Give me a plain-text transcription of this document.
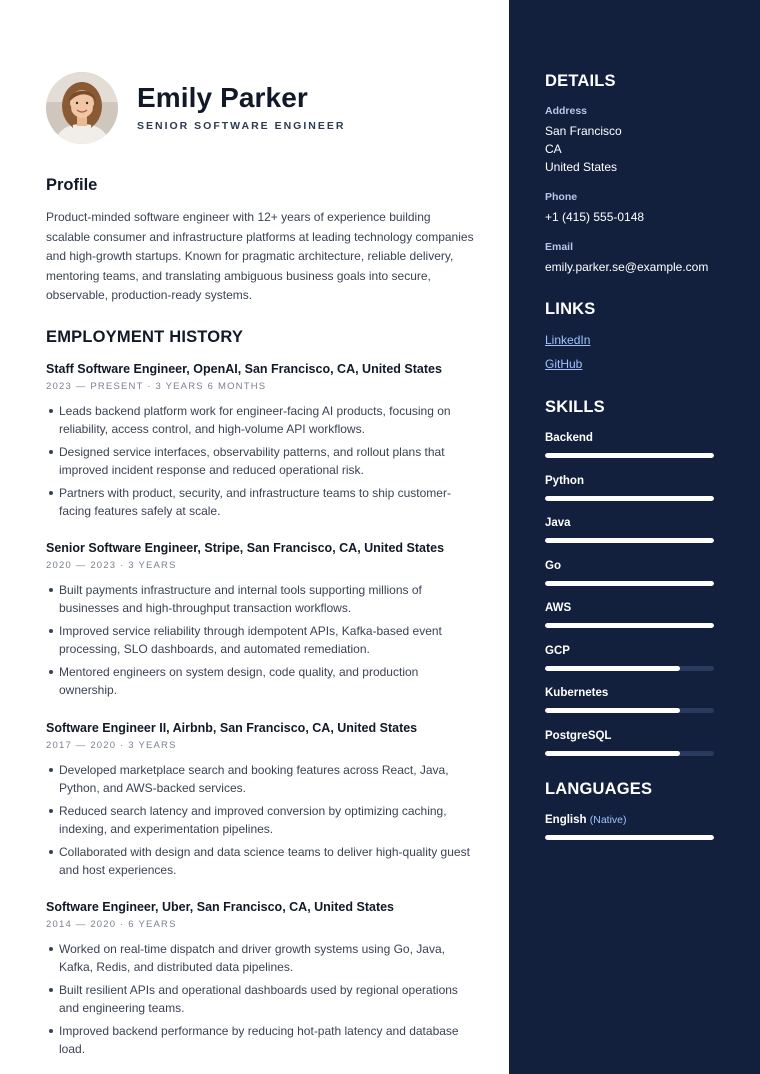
Emily Parker
SENIOR SOFTWARE ENGINEER
Profile
Product-minded software engineer with 12+ years of experience building scalable consumer and infrastructure platforms at leading technology companies and high-growth startups. Known for pragmatic architecture, reliable delivery, mentoring teams, and translating ambiguous business goals into secure, observable, production-ready systems.
EMPLOYMENT HISTORY
Staff Software Engineer, OpenAI, San Francisco, CA, United States
2023 — PRESENT · 3 YEARS 6 MONTHS
Leads backend platform work for engineer-facing AI products, focusing on reliability, access control, and high-volume API workflows.
Designed service interfaces, observability patterns, and rollout plans that improved incident response and reduced operational risk.
Partners with product, security, and infrastructure teams to ship customer-facing features safely at scale.
Senior Software Engineer, Stripe, San Francisco, CA, United States
2020 — 2023 · 3 YEARS
Built payments infrastructure and internal tools supporting millions of businesses and high-throughput transaction workflows.
Improved service reliability through idempotent APIs, Kafka-based event processing, SLO dashboards, and automated remediation.
Mentored engineers on system design, code quality, and production ownership.
Software Engineer II, Airbnb, San Francisco, CA, United States
2017 — 2020 · 3 YEARS
Developed marketplace search and booking features across React, Java, Python, and AWS-backed services.
Reduced search latency and improved conversion by optimizing caching, indexing, and experimentation pipelines.
Collaborated with design and data science teams to deliver high-quality guest and host experiences.
Software Engineer, Uber, San Francisco, CA, United States
2014 — 2020 · 6 YEARS
Worked on real-time dispatch and driver growth systems using Go, Java, Kafka, Redis, and distributed data pipelines.
Built resilient APIs and operational dashboards used by regional operations and engineering teams.
Improved backend performance by reducing hot-path latency and database load.
DETAILS
Address
San Francisco
CA
United States
Phone
+1 (415) 555-0148
Email
emily.parker.se@example.com
LINKS
LinkedIn
GitHub
SKILLS
Backend
Python
Java
Go
AWS
GCP
Kubernetes
PostgreSQL
LANGUAGES
English (Native)
